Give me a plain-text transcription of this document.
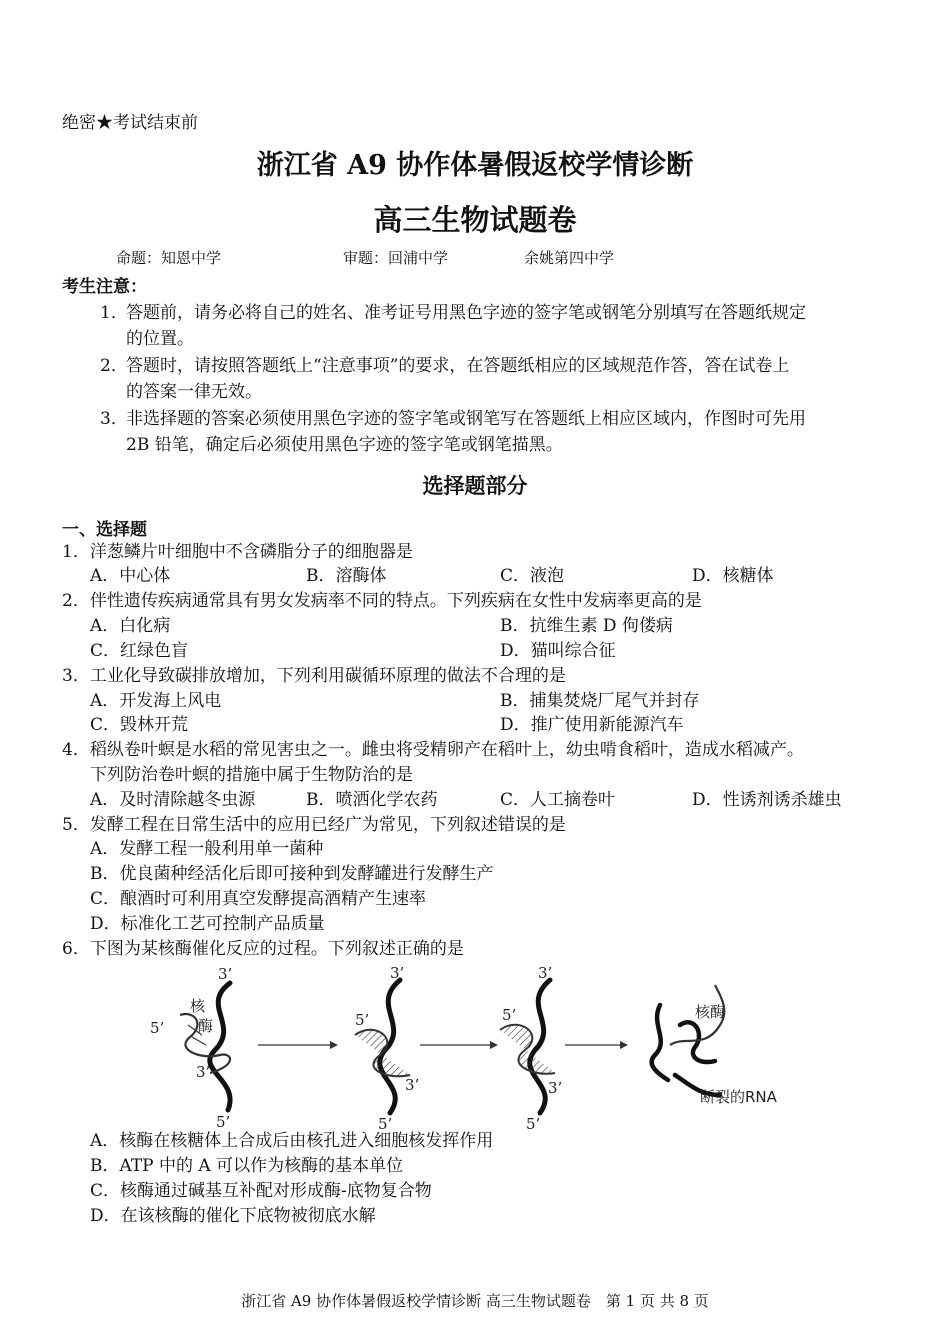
绝密★考试结束前
浙江省 A9 协作体暑假返校学情诊断
高三生物试题卷
命题：知恩中学	审题：回浦中学	余姚第四中学
考生注意：
1．
答题前，请务必将自己的姓名、准考证号用黑色字迹的签字笔或钢笔分别填写在答题纸规定
的位置。
2．
答题时，请按照答题纸上“注意事项”的要求，在答题纸相应的区域规范作答，答在试卷上
的答案一律无效。
3．
非选择题的答案必须使用黑色字迹的签字笔或钢笔写在答题纸上相应区域内，作图时可先用
2B 铅笔，确定后必须使用黑色字迹的签字笔或钢笔描黑。
选择题部分
一、选择题
1．洋葱鳞片叶细胞中不含磷脂分子的细胞器是
A．中心体	B．溶酶体	C．液泡	D．核糖体
2．伴性遗传疾病通常具有男女发病率不同的特点。下列疾病在女性中发病率更高的是
A．白化病	B．抗维生素 D 佝偻病
C．红绿色盲	D．猫叫综合征
3．工业化导致碳排放增加，下列利用碳循环原理的做法不合理的是
A．开发海上风电	B．捕集焚烧厂尾气并封存
C．毁林开荒	D．推广使用新能源汽车
4．稻纵卷叶螟是水稻的常见害虫之一。雌虫将受精卵产在稻叶上，幼虫啃食稻叶，造成水稻减产。
下列防治卷叶螟的措施中属于生物防治的是
A．及时清除越冬虫源	B．喷洒化学农药	C．人工摘卷叶	D．性诱剂诱杀雄虫
5．发酵工程在日常生活中的应用已经广为常见，下列叙述错误的是
A．发酵工程一般利用单一菌种
B．优良菌种经活化后即可接种到发酵罐进行发酵生产
C．酿酒时可利用真空发酵提高酒精产生速率
D．标准化工艺可控制产品质量
6．下图为某核酶催化反应的过程。下列叙述正确的是
3’
5’
3’
5’
核
酶
3’
5’
3’
5’
3’
5’
3’
5’
核酶
断裂的RNA
A．核酶在核糖体上合成后由核孔进入细胞核发挥作用
B．ATP 中的 A 可以作为核酶的基本单位
C．核酶通过碱基互补配对形成酶-底物复合物
D．在该核酶的催化下底物被彻底水解
浙江省 A9 协作体暑假返校学情诊断 高三生物试题卷　第 1 页 共 8 页
